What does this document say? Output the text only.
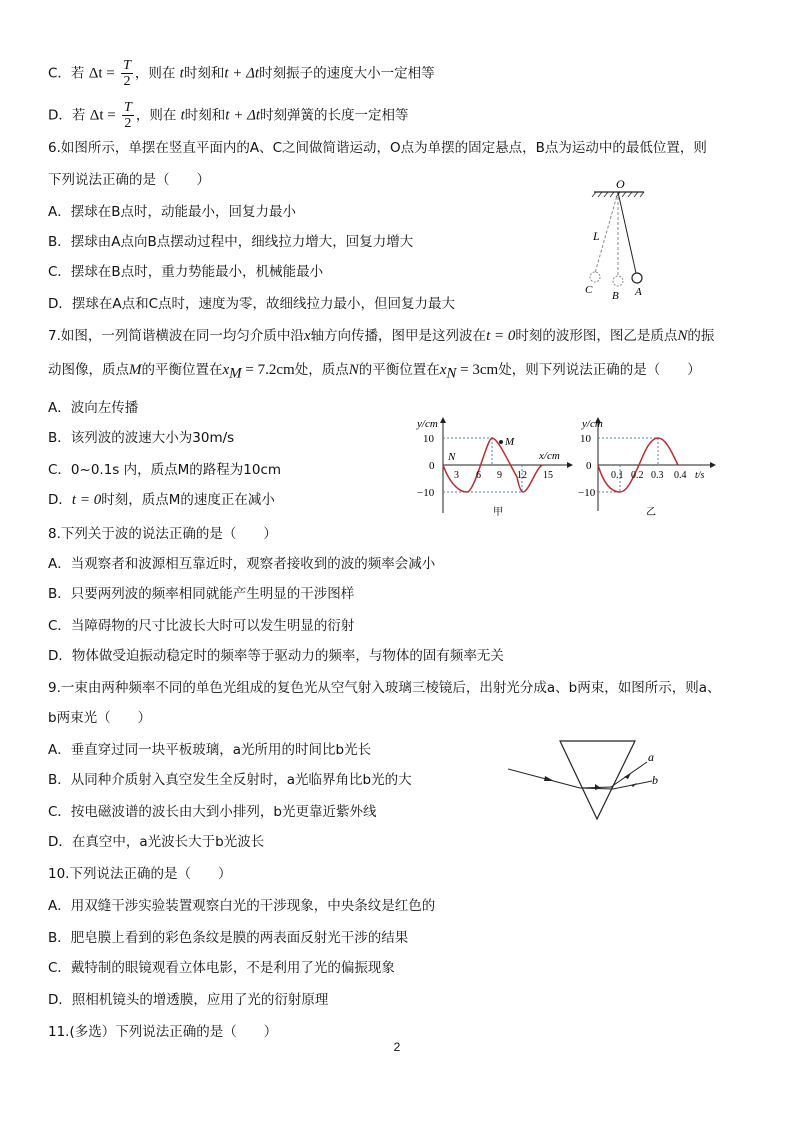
C．若 $\Delta t = \frac{T}{2}$ ，则在 t时刻和t + Δt时刻振子的速度大小一定相等
D．若 $\Delta t = \frac{T}{2}$ ，则在 t时刻和t + Δt时刻弹簧的长度一定相等
6.如图所示，单摆在竖直平面内的A、C之间做简谐运动，O点为单摆的固定悬点，B点为运动中的最低位置，则
下列说法正确的是（　　）
A．摆球在B点时，动能最小，回复力最小
B．摆球由A点向B点摆动过程中，细线拉力增大，回复力增大
C．摆球在B点时，重力势能最小，机械能最小
D．摆球在A点和C点时，速度为零，故细线拉力最小，但回复力最大
O
L
C B A
7.如图，一列简谐横波在同一均匀介质中沿x轴方向传播，图甲是这列波在t = 0时刻的波形图，图乙是质点N的振
动图像，质点M的平衡位置在$x_M = 7.2cm$处，质点N的平衡位置在$x_N = 3cm$处，则下列说法正确的是（　　）
A．波向左传播
B．该列波的波速大小为30m/s
C．0~0.1s 内，质点M的路程为10cm
D．t = 0时刻，质点M的速度正在减小
y/cm
x/cm
10
0
−10
N
M
3 6 9 12 15
甲
y/cm
t/s
10
0
−10
0.1 0.2 0.3 0.4
乙
8.下列关于波的说法正确的是（　　）
A．当观察者和波源相互靠近时，观察者接收到的波的频率会减小
B．只要两列波的频率相同就能产生明显的干涉图样
C．当障碍物的尺寸比波长大时可以发生明显的衍射
D．物体做受迫振动稳定时的频率等于驱动力的频率，与物体的固有频率无关
9.一束由两种频率不同的单色光组成的复色光从空气射入玻璃三棱镜后，出射光分成a、b两束，如图所示，则a、
b两束光（　　）
A．垂直穿过同一块平板玻璃，a光所用的时间比b光长
B．从同种介质射入真空发生全反射时，a光临界角比b光的大
C．按电磁波谱的波长由大到小排列，b光更靠近紫外线
D．在真空中，a光波长大于b光波长
a
b
10.下列说法正确的是（　　）
A．用双缝干涉实验装置观察白光的干涉现象，中央条纹是红色的
B．肥皂膜上看到的彩色条纹是膜的两表面反射光干涉的结果
C．戴特制的眼镜观看立体电影，不是利用了光的偏振现象
D．照相机镜头的增透膜，应用了光的衍射原理
11.(多选）下列说法正确的是（　　）
2
